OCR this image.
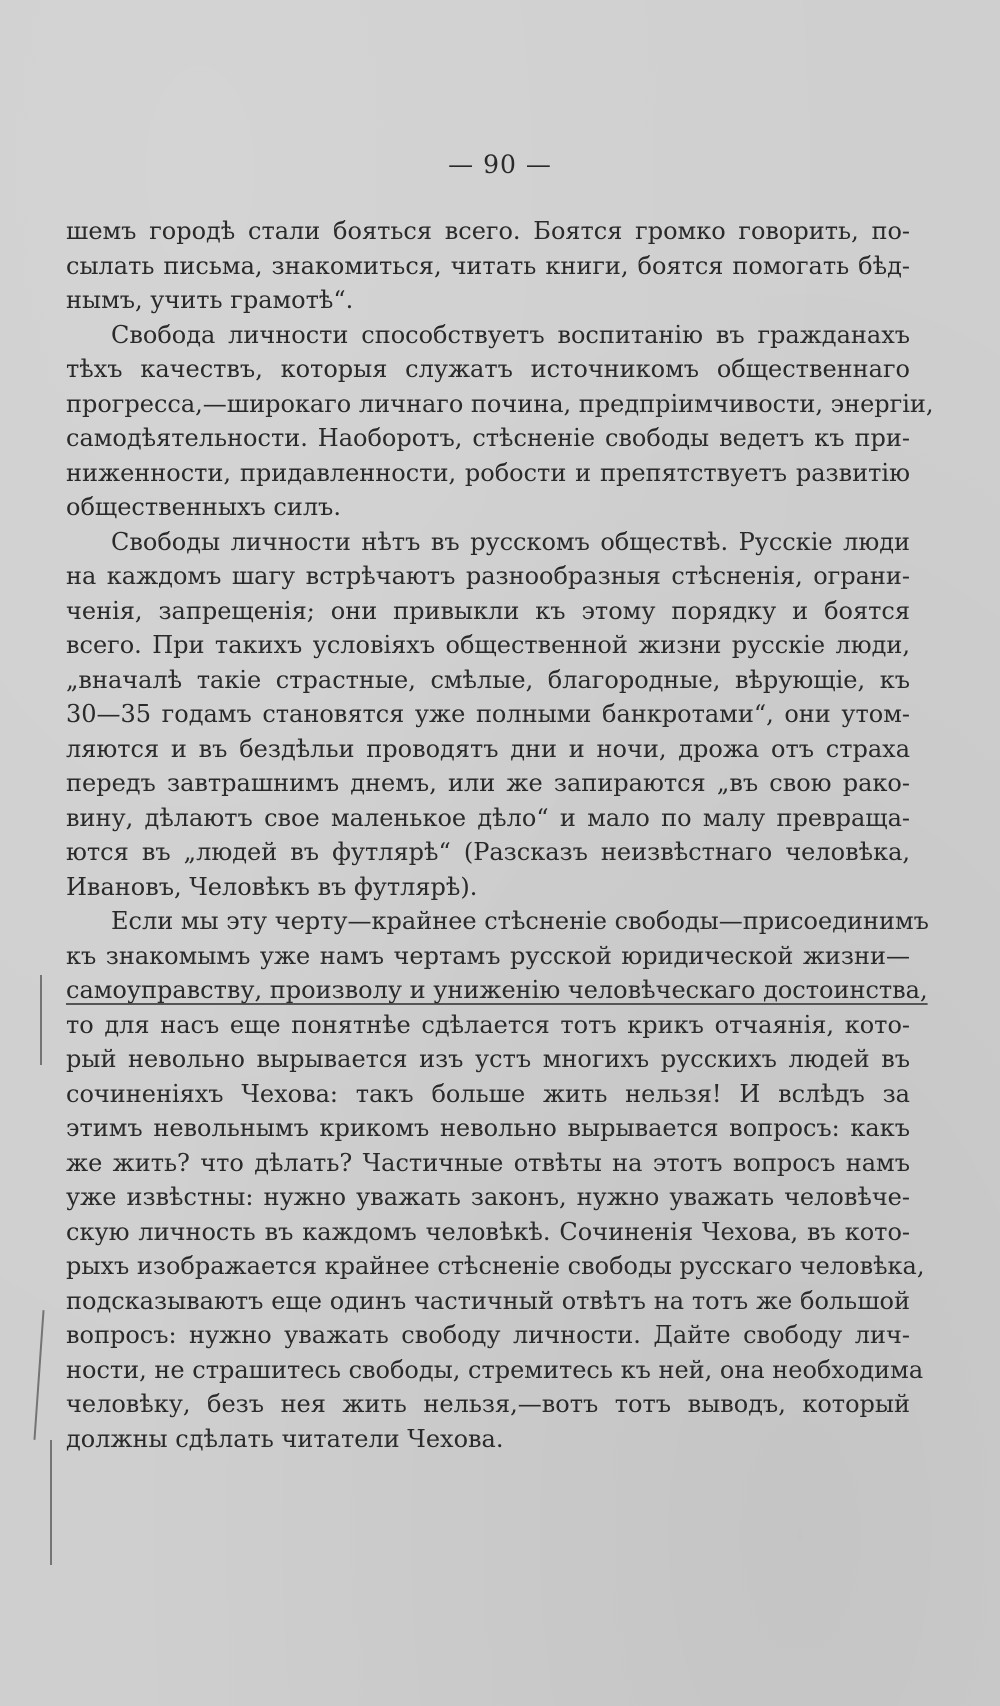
— 90 —
шемъ городѣ стали бояться всего. Боятся громко говорить, по-
сылать письма, знакомиться, читать книги, боятся помогать бѣд-
нымъ, учить грамотѣ“.
Свобода личности способствуетъ воспитанію въ гражданахъ
тѣхъ качествъ, которыя служатъ источникомъ общественнаго
прогресса,—широкаго личнаго почина, предпріимчивости, энергіи,
самодѣятельности. Наоборотъ, стѣсненіе свободы ведетъ къ при-
ниженности, придавленности, робости и препятствуетъ развитію
общественныхъ силъ.
Свободы личности нѣтъ въ русскомъ обществѣ. Русскіе люди
на каждомъ шагу встрѣчаютъ разнообразныя стѣсненія, ограни-
ченія, запрещенія; они привыкли къ этому порядку и боятся
всего. При такихъ условіяхъ общественной жизни русскіе люди,
„вначалѣ такіе страстные, смѣлые, благородные, вѣрующіе, къ
30—35 годамъ становятся уже полными банкротами“, они утом-
ляются и въ бездѣльи проводятъ дни и ночи, дрожа отъ страха
передъ завтрашнимъ днемъ, или же запираются „въ свою рако-
вину, дѣлаютъ свое маленькое дѣло“ и мало по малу превраща-
ются въ „людей въ футлярѣ“ (Разсказъ неизвѣстнаго человѣка,
Ивановъ, Человѣкъ въ футлярѣ).
Если мы эту черту—крайнее стѣсненіе свободы—присоединимъ
къ знакомымъ уже намъ чертамъ русской юридической жизни—
самоуправству, произволу и униженію человѣческаго достоинства,
то для насъ еще понятнѣе сдѣлается тотъ крикъ отчаянія, кото-
рый невольно вырывается изъ устъ многихъ русскихъ людей въ
сочиненіяхъ Чехова: такъ больше жить нельзя! И вслѣдъ за
этимъ невольнымъ крикомъ невольно вырывается вопросъ: какъ
же жить? что дѣлать? Частичные отвѣты на этотъ вопросъ намъ
уже извѣстны: нужно уважать законъ, нужно уважать человѣче-
скую личность въ каждомъ человѣкѣ. Сочиненія Чехова, въ кото-
рыхъ изображается крайнее стѣсненіе свободы русскаго человѣка,
подсказываютъ еще одинъ частичный отвѣтъ на тотъ же большой
вопросъ: нужно уважать свободу личности. Дайте свободу лич-
ности, не страшитесь свободы, стремитесь къ ней, она необходима
человѣку, безъ нея жить нельзя,—вотъ тотъ выводъ, который
должны сдѣлать читатели Чехова.
